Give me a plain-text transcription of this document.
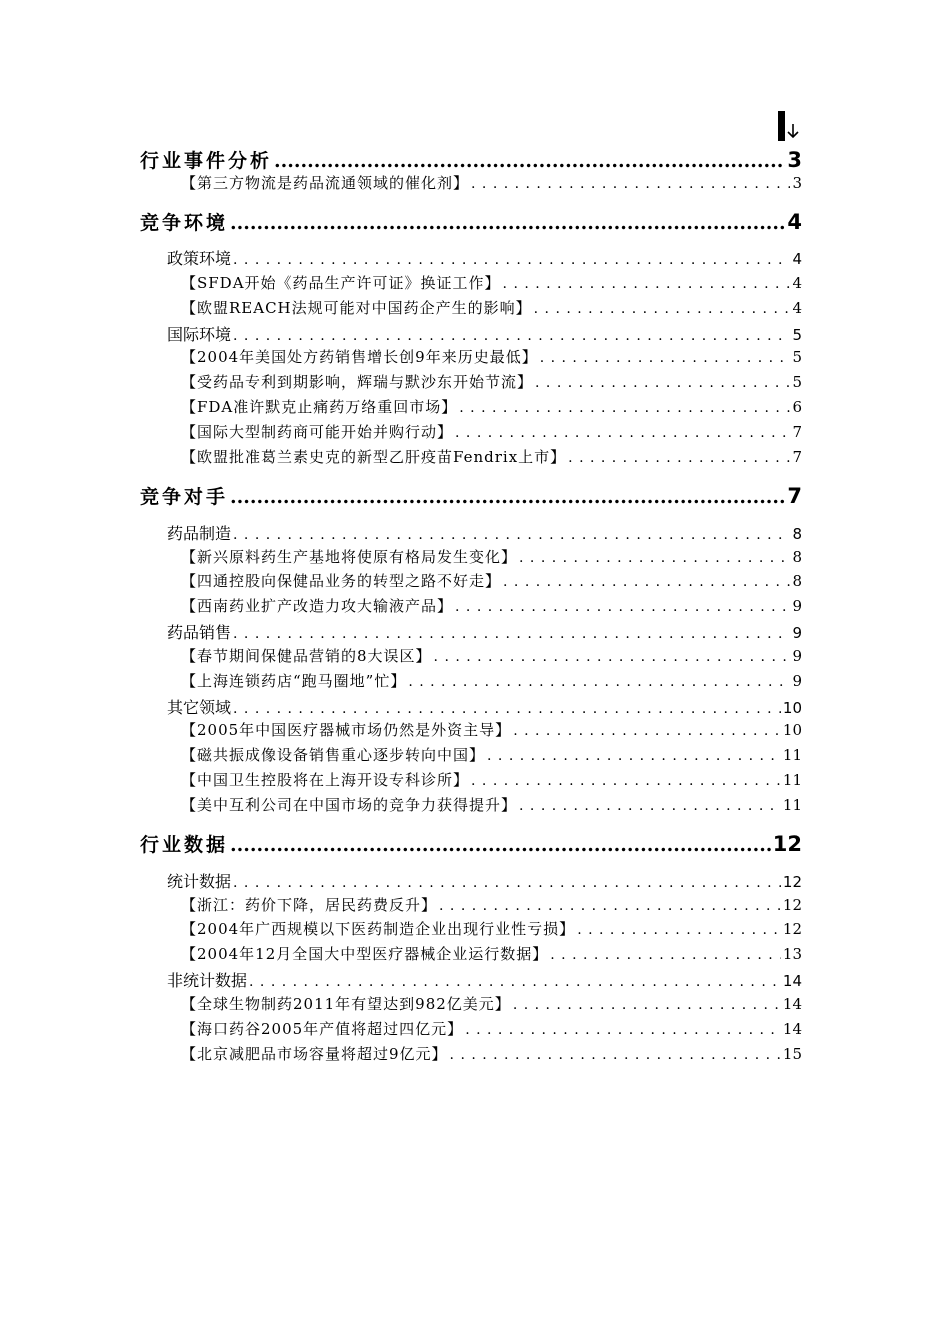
行业事件分析 .....	3
【第三方物流是药品流通领域的催化剂】 . . .	3
竞争环境 .....	4
政策环境 . . .	4
【SFDA开始《药品生产许可证》换证工作】 . . .	4
【欧盟REACH法规可能对中国药企产生的影响】 . . .	4
国际环境 . . .	5
【2004年美国处方药销售增长创9年来历史最低】 . . .	5
【受药品专利到期影响，辉瑞与默沙东开始节流】 . . .	5
【FDA准许默克止痛药万络重回市场】 . . .	6
【国际大型制药商可能开始并购行动】 . . .	7
【欧盟批准葛兰素史克的新型乙肝疫苗Fendrix上市】 . . .	7
竞争对手 .....	7
药品制造 . . .	8
【新兴原料药生产基地将使原有格局发生变化】 . . .	8
【四通控股向保健品业务的转型之路不好走】 . . .	8
【西南药业扩产改造力攻大输液产品】 . . .	9
药品销售 . . .	9
【春节期间保健品营销的8大误区】 . . .	9
【上海连锁药店“跑马圈地”忙】 . . .	9
其它领域 . . .	10
【2005年中国医疗器械市场仍然是外资主导】 . . .	10
【磁共振成像设备销售重心逐步转向中国】 . . .	11
【中国卫生控股将在上海开设专科诊所】 . . .	11
【美中互利公司在中国市场的竞争力获得提升】 . . .	11
行业数据 .....	12
统计数据 . . .	12
【浙江：药价下降，居民药费反升】 . . .	12
【2004年广西规模以下医药制造企业出现行业性亏损】 . . .	12
【2004年12月全国大中型医疗器械企业运行数据】 . . .	13
非统计数据 . . .	14
【全球生物制药2011年有望达到982亿美元】 . . .	14
【海口药谷2005年产值将超过四亿元】 . . .	14
【北京减肥品市场容量将超过9亿元】 . . .	15
